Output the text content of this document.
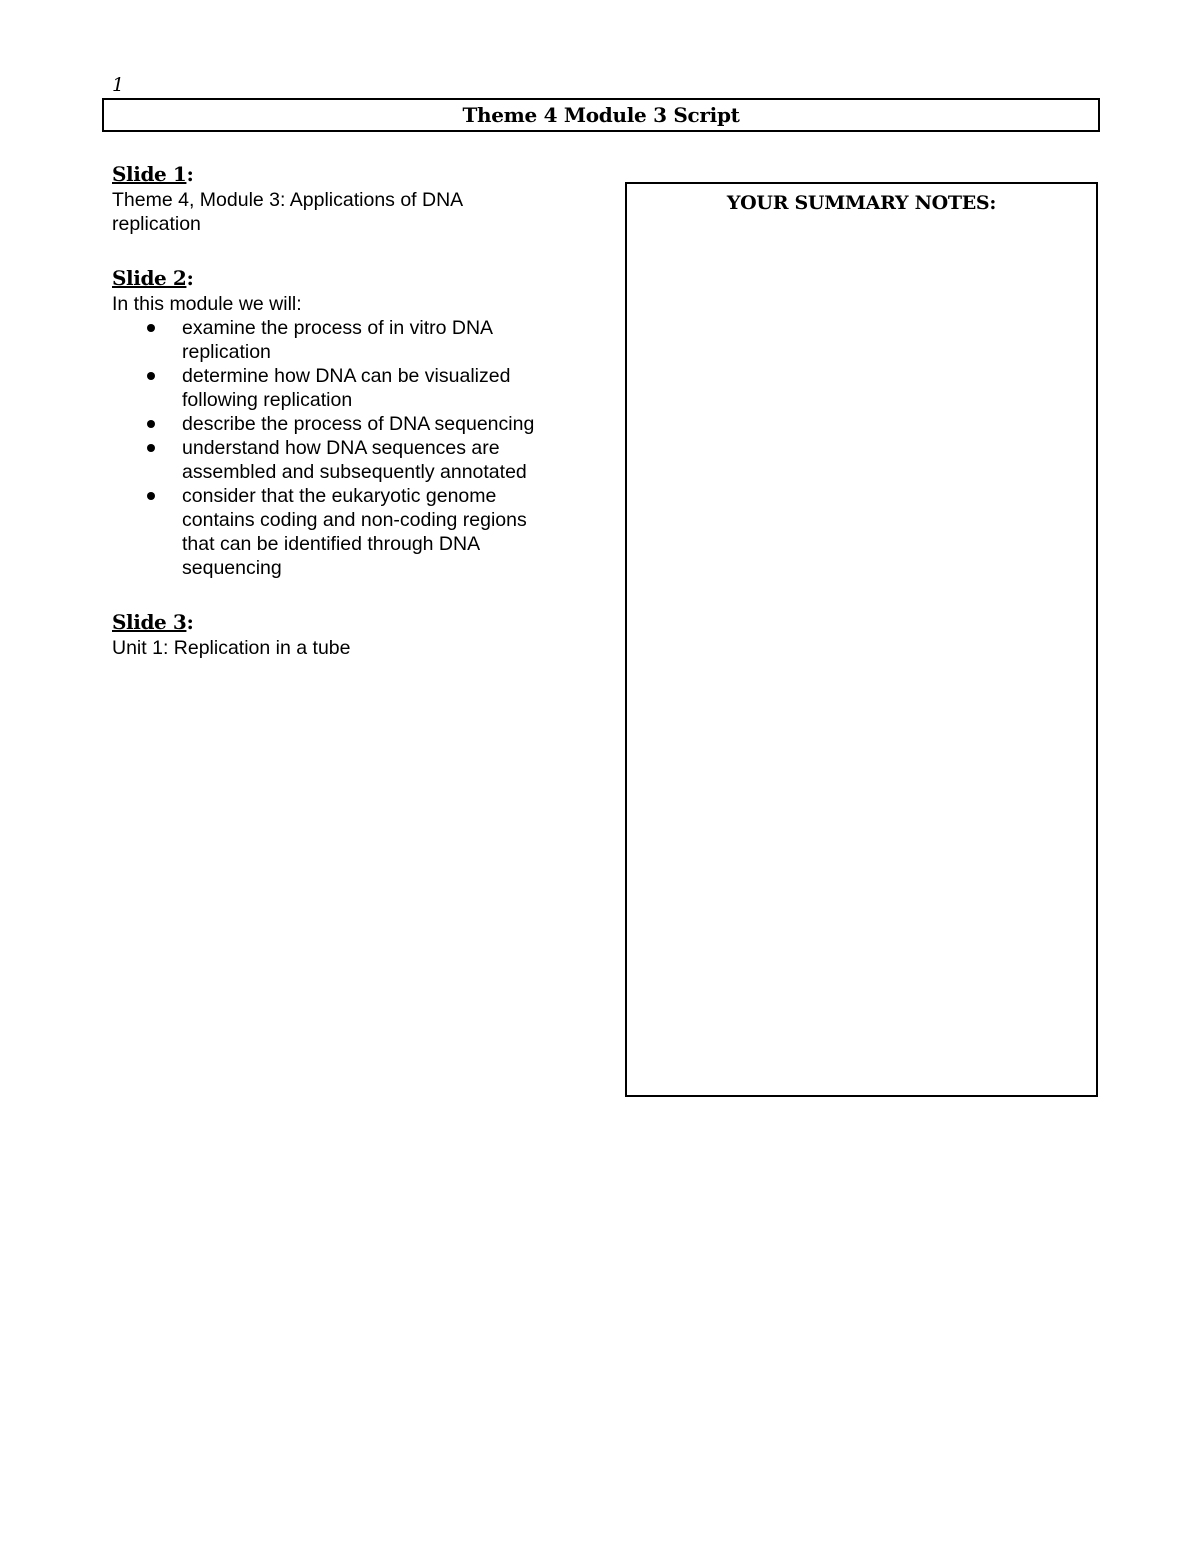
1
Theme 4 Module 3 Script
Slide 1:
Theme 4, Module 3: Applications of DNA replication
Slide 2:
In this module we will:
examine the process of in vitro DNA replication
determine how DNA can be visualized following replication
describe the process of DNA sequencing
understand how DNA sequences are assembled and subsequently annotated
consider that the eukaryotic genome contains coding and non-coding regions that can be identified through DNA sequencing
Slide 3:
Unit 1: Replication in a tube
YOUR SUMMARY NOTES:
